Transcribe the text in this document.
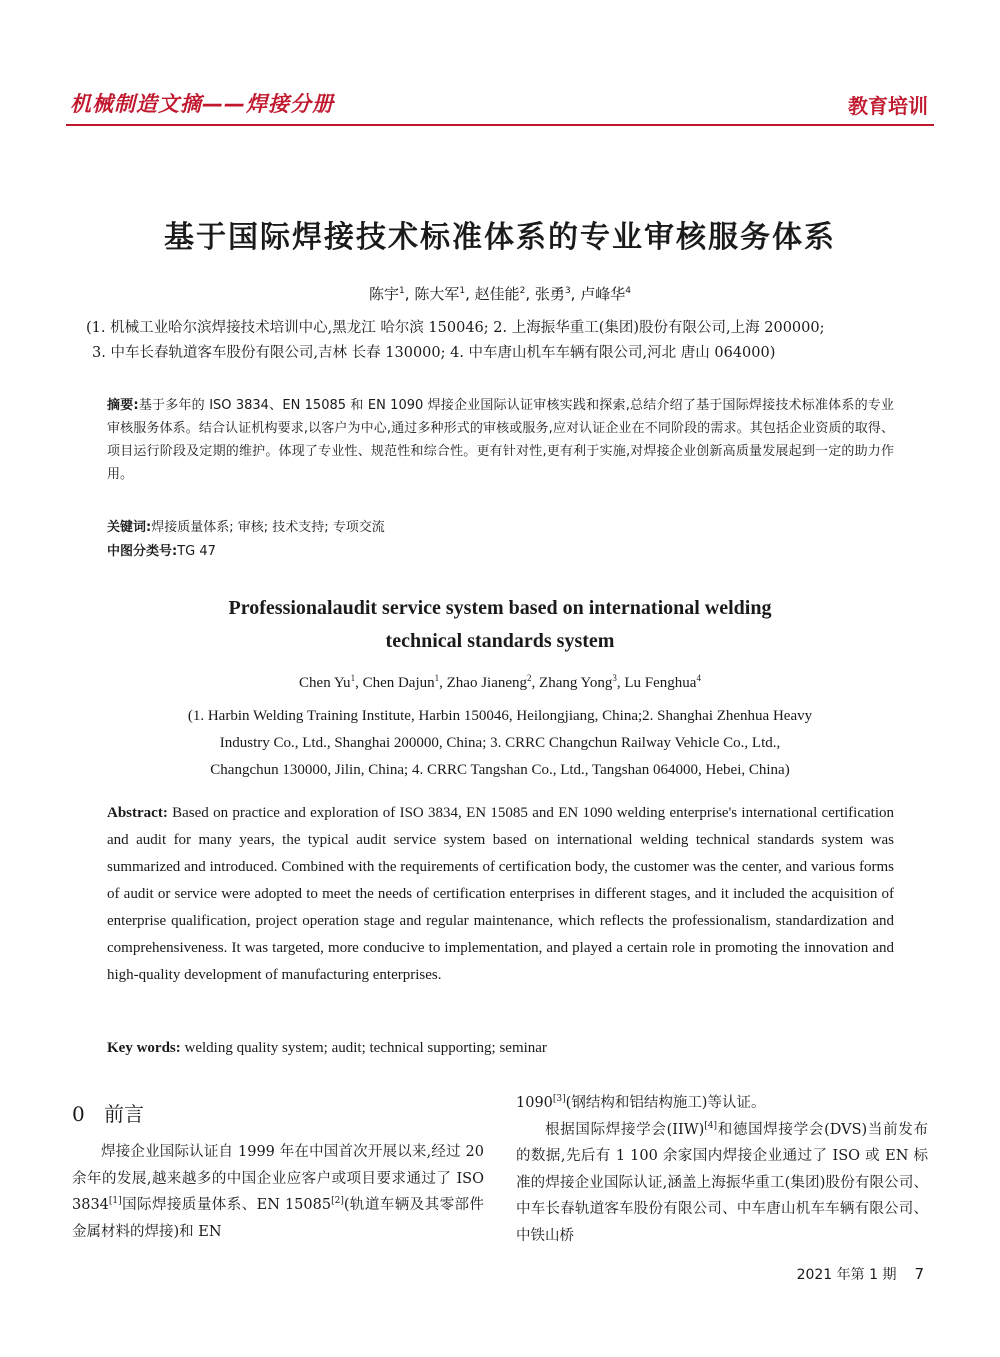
机械制造文摘——焊接分册	教育培训
基于国际焊接技术标准体系的专业审核服务体系
陈宇$^1$, 陈大军$^1$, 赵佳能$^2$, 张勇$^3$, 卢峰华$^4$
(1. 机械工业哈尔滨焊接技术培训中心,黑龙江 哈尔滨 150046; 2. 上海振华重工(集团)股份有限公司,上海 200000;
3. 中车长春轨道客车股份有限公司,吉林 长春 130000; 4. 中车唐山机车车辆有限公司,河北 唐山 064000)
摘要:基于多年的 ISO 3834、EN 15085 和 EN 1090 焊接企业国际认证审核实践和探索,总结介绍了基于国际焊接技术标准体系的专业审核服务体系。结合认证机构要求,以客户为中心,通过多种形式的审核或服务,应对认证企业在不同阶段的需求。其包括企业资质的取得、项目运行阶段及定期的维护。体现了专业性、规范性和综合性。更有针对性,更有利于实施,对焊接企业创新高质量发展起到一定的助力作用。
关键词:焊接质量体系; 审核; 技术支持; 专项交流
中图分类号:TG 47
Professionalaudit service system based on international welding
technical standards system
Chen Yu$^1$, Chen Dajun$^1$, Zhao Jianeng$^2$, Zhang Yong$^3$, Lu Fenghua$^4$
(1. Harbin Welding Training Institute, Harbin 150046, Heilongjiang, China;2. Shanghai Zhenhua Heavy
Industry Co., Ltd., Shanghai 200000, China; 3. CRRC Changchun Railway Vehicle Co., Ltd.,
Changchun 130000, Jilin, China; 4. CRRC Tangshan Co., Ltd., Tangshan 064000, Hebei, China)
Abstract: Based on practice and exploration of ISO 3834, EN 15085 and EN 1090 welding enterprise's international certification and audit for many years, the typical audit service system based on international welding technical standards system was summarized and introduced. Combined with the requirements of certification body, the customer was the center, and various forms of audit or service were adopted to meet the needs of certification enterprises in different stages, and it included the acquisition of enterprise qualification, project operation stage and regular maintenance, which reflects the professionalism, standardization and comprehensiveness. It was targeted, more conducive to implementation, and played a certain role in promoting the innovation and high-quality development of manufacturing enterprises.
Key words: welding quality system; audit; technical supporting; seminar
0 前言

焊接企业国际认证自 1999 年在中国首次开展以来,经过 20 余年的发展,越来越多的中国企业应客户或项目要求通过了 ISO 3834[1]国际焊接质量体系、EN 15085[2](轨道车辆及其零部件金属材料的焊接)和 EN

1090[3](钢结构和铝结构施工)等认证。

根据国际焊接学会(IIW)[4]和德国焊接学会(DVS)当前发布的数据,先后有 1 100 余家国内焊接企业通过了 ISO 或 EN 标准的焊接企业国际认证,涵盖上海振华重工(集团)股份有限公司、中车长春轨道客车股份有限公司、中车唐山机车车辆有限公司、中铁山桥

2021 年第 1 期 7
